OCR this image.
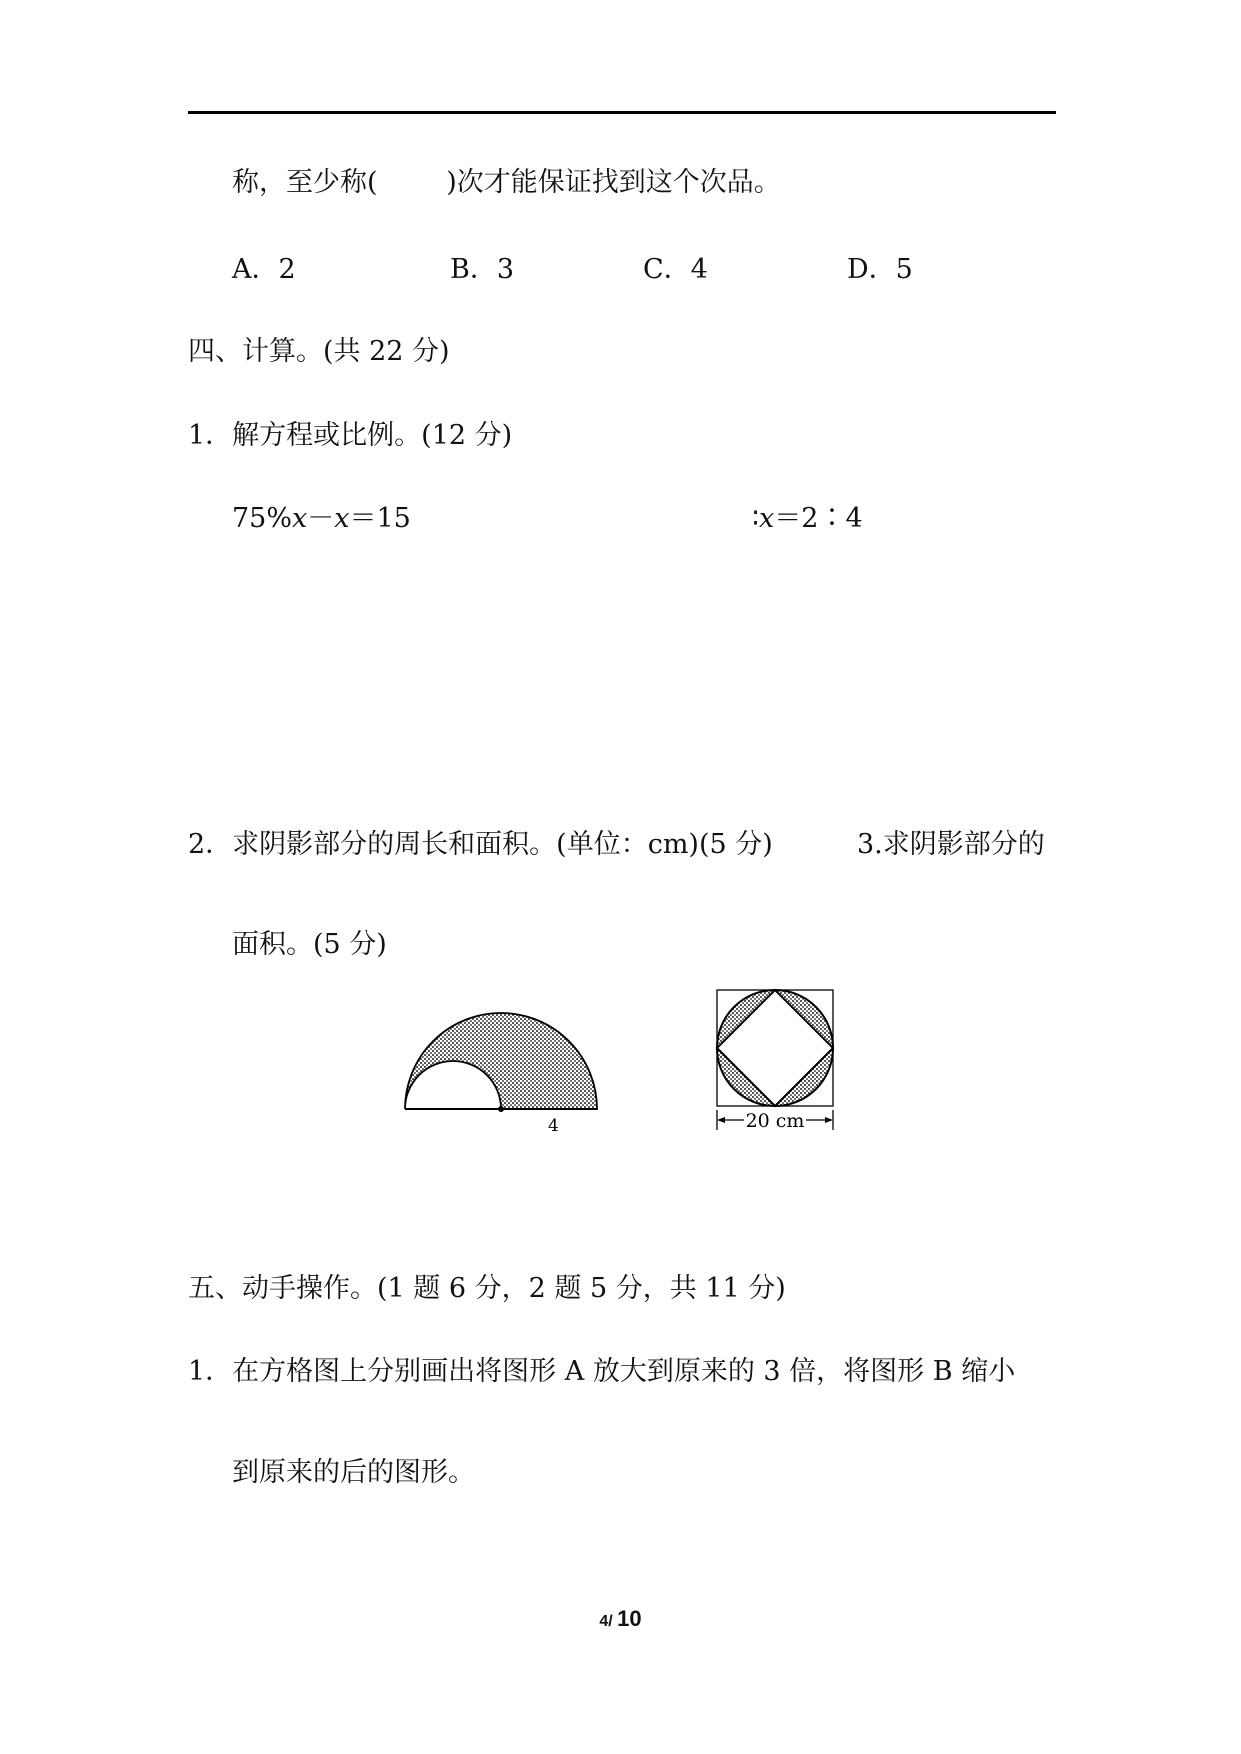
称，至少称(	)次才能保证找到这个次品。
A．2	B．3	C．4	D．5
四、计算。(共 22 分)
1．解方程或比例。(12 分)
75%x－x＝15	∶x＝2∶4
2．求阴影部分的周长和面积。(单位：cm)(5 分)	3.求阴影部分的
面积。(5 分)
4	20 cm
五、动手操作。(1 题 6 分，2 题 5 分，共 11 分)
1．在方格图上分别画出将图形 A 放大到原来的 3 倍，将图形 B 缩小
到原来的后的图形。
4/ 10
